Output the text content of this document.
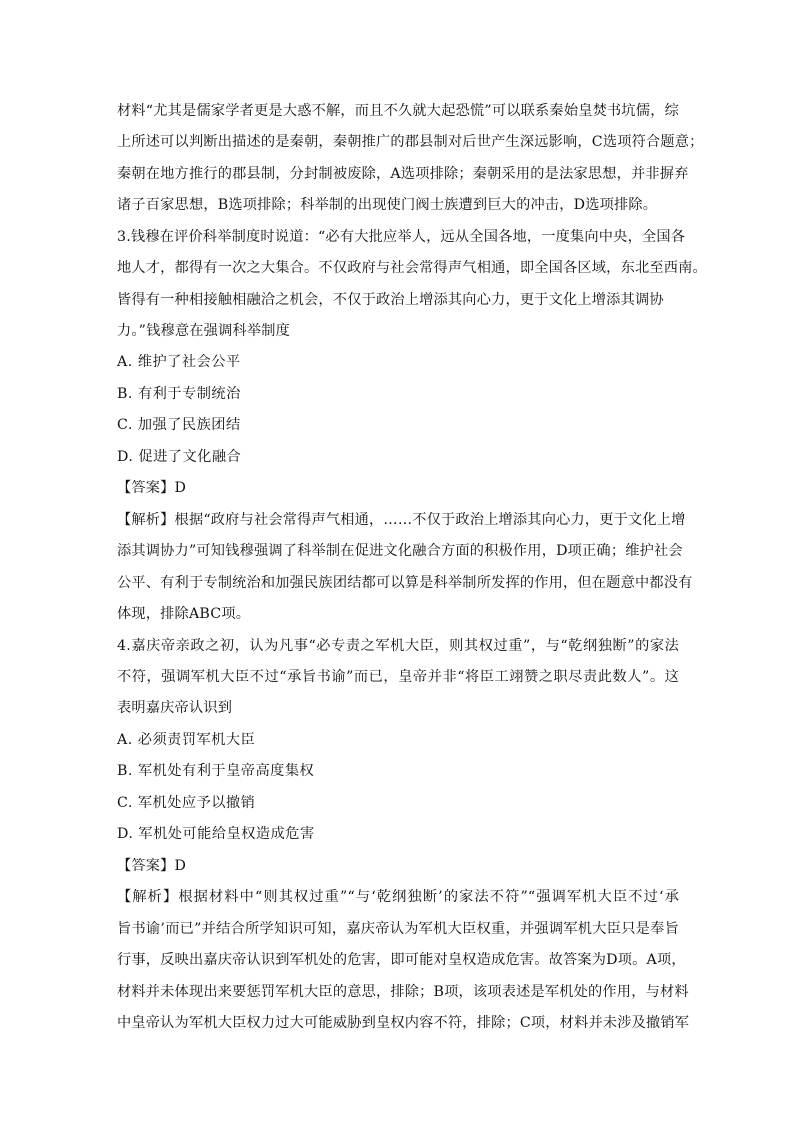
材料“尤其是儒家学者更是大惑不解，而且不久就大起恐慌”可以联系秦始皇焚书坑儒，综
上所述可以判断出描述的是秦朝，秦朝推广的郡县制对后世产生深远影响，C选项符合题意；
秦朝在地方推行的郡县制，分封制被废除，A选项排除；秦朝采用的是法家思想，并非摒弃
诸子百家思想，B选项排除；科举制的出现使门阀士族遭到巨大的冲击，D选项排除。
3.钱穆在评价科举制度时说道：“必有大批应举人，远从全国各地，一度集向中央，全国各
地人才，都得有一次之大集合。不仅政府与社会常得声气相通，即全国各区域，东北至西南。
皆得有一种相接触相融洽之机会，不仅于政治上增添其向心力，更于文化上增添其调协
力。”钱穆意在强调科举制度
A. 维护了社会公平
B. 有利于专制统治
C. 加强了民族团结
D. 促进了文化融合
【答案】D
【解析】根据“政府与社会常得声气相通，……不仅于政治上增添其向心力，更于文化上增
添其调协力”可知钱穆强调了科举制在促进文化融合方面的积极作用，D项正确；维护社会
公平、有利于专制统治和加强民族团结都可以算是科举制所发挥的作用，但在题意中都没有
体现，排除ABC项。
4.嘉庆帝亲政之初，认为凡事“必专责之军机大臣，则其权过重”，与“乾纲独断”的家法
不符，强调军机大臣不过“承旨书谕”而已，皇帝并非“将臣工翊赞之职尽责此数人”。这
表明嘉庆帝认识到
A. 必须责罚军机大臣
B. 军机处有利于皇帝高度集权
C. 军机处应予以撤销
D. 军机处可能给皇权造成危害
【答案】D
【解析】根据材料中“则其权过重”“与‘乾纲独断’的家法不符”“强调军机大臣不过‘承
旨书谕’而已”并结合所学知识可知，嘉庆帝认为军机大臣权重，并强调军机大臣只是奉旨
行事，反映出嘉庆帝认识到军机处的危害，即可能对皇权造成危害。故答案为D项。A项，
材料并未体现出来要惩罚军机大臣的意思，排除；B项，该项表述是军机处的作用，与材料
中皇帝认为军机大臣权力过大可能威胁到皇权内容不符，排除；C项，材料并未涉及撤销军
